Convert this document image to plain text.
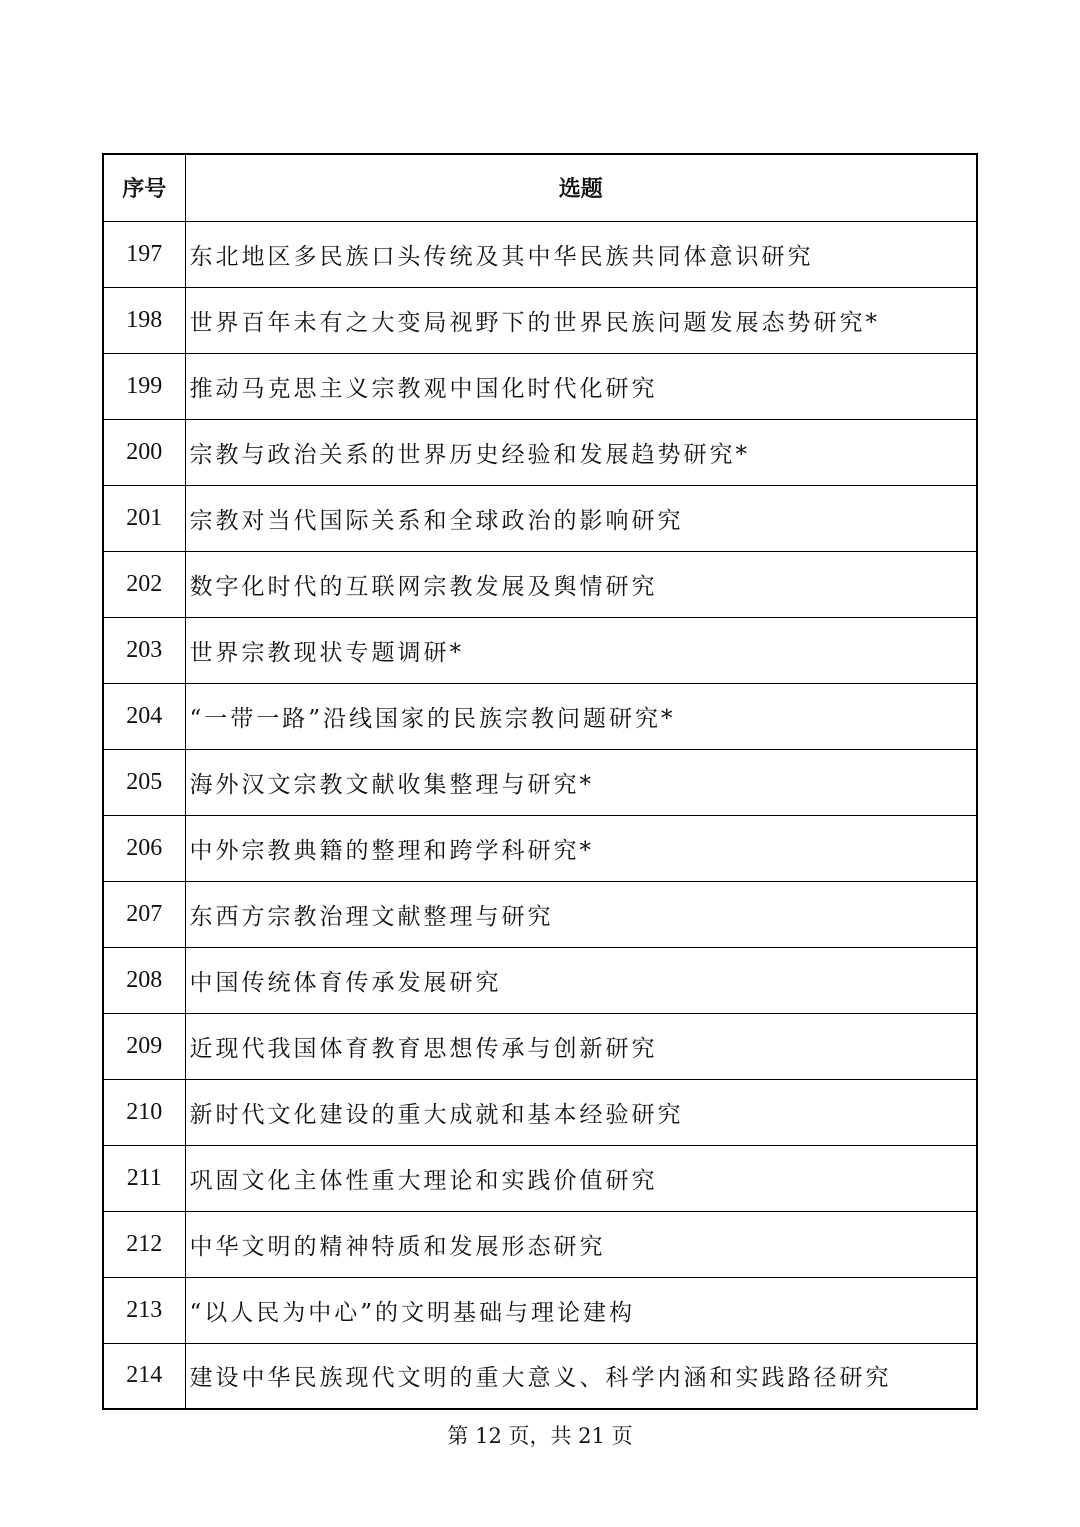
序号	选题
197	东北地区多民族口头传统及其中华民族共同体意识研究
198	世界百年未有之大变局视野下的世界民族问题发展态势研究*
199	推动马克思主义宗教观中国化时代化研究
200	宗教与政治关系的世界历史经验和发展趋势研究*
201	宗教对当代国际关系和全球政治的影响研究
202	数字化时代的互联网宗教发展及舆情研究
203	世界宗教现状专题调研*
204	“一带一路”沿线国家的民族宗教问题研究*
205	海外汉文宗教文献收集整理与研究*
206	中外宗教典籍的整理和跨学科研究*
207	东西方宗教治理文献整理与研究
208	中国传统体育传承发展研究
209	近现代我国体育教育思想传承与创新研究
210	新时代文化建设的重大成就和基本经验研究
211	巩固文化主体性重大理论和实践价值研究
212	中华文明的精神特质和发展形态研究
213	“以人民为中心”的文明基础与理论建构
214	建设中华民族现代文明的重大意义、科学内涵和实践路径研究
第 12 页，共 21 页
